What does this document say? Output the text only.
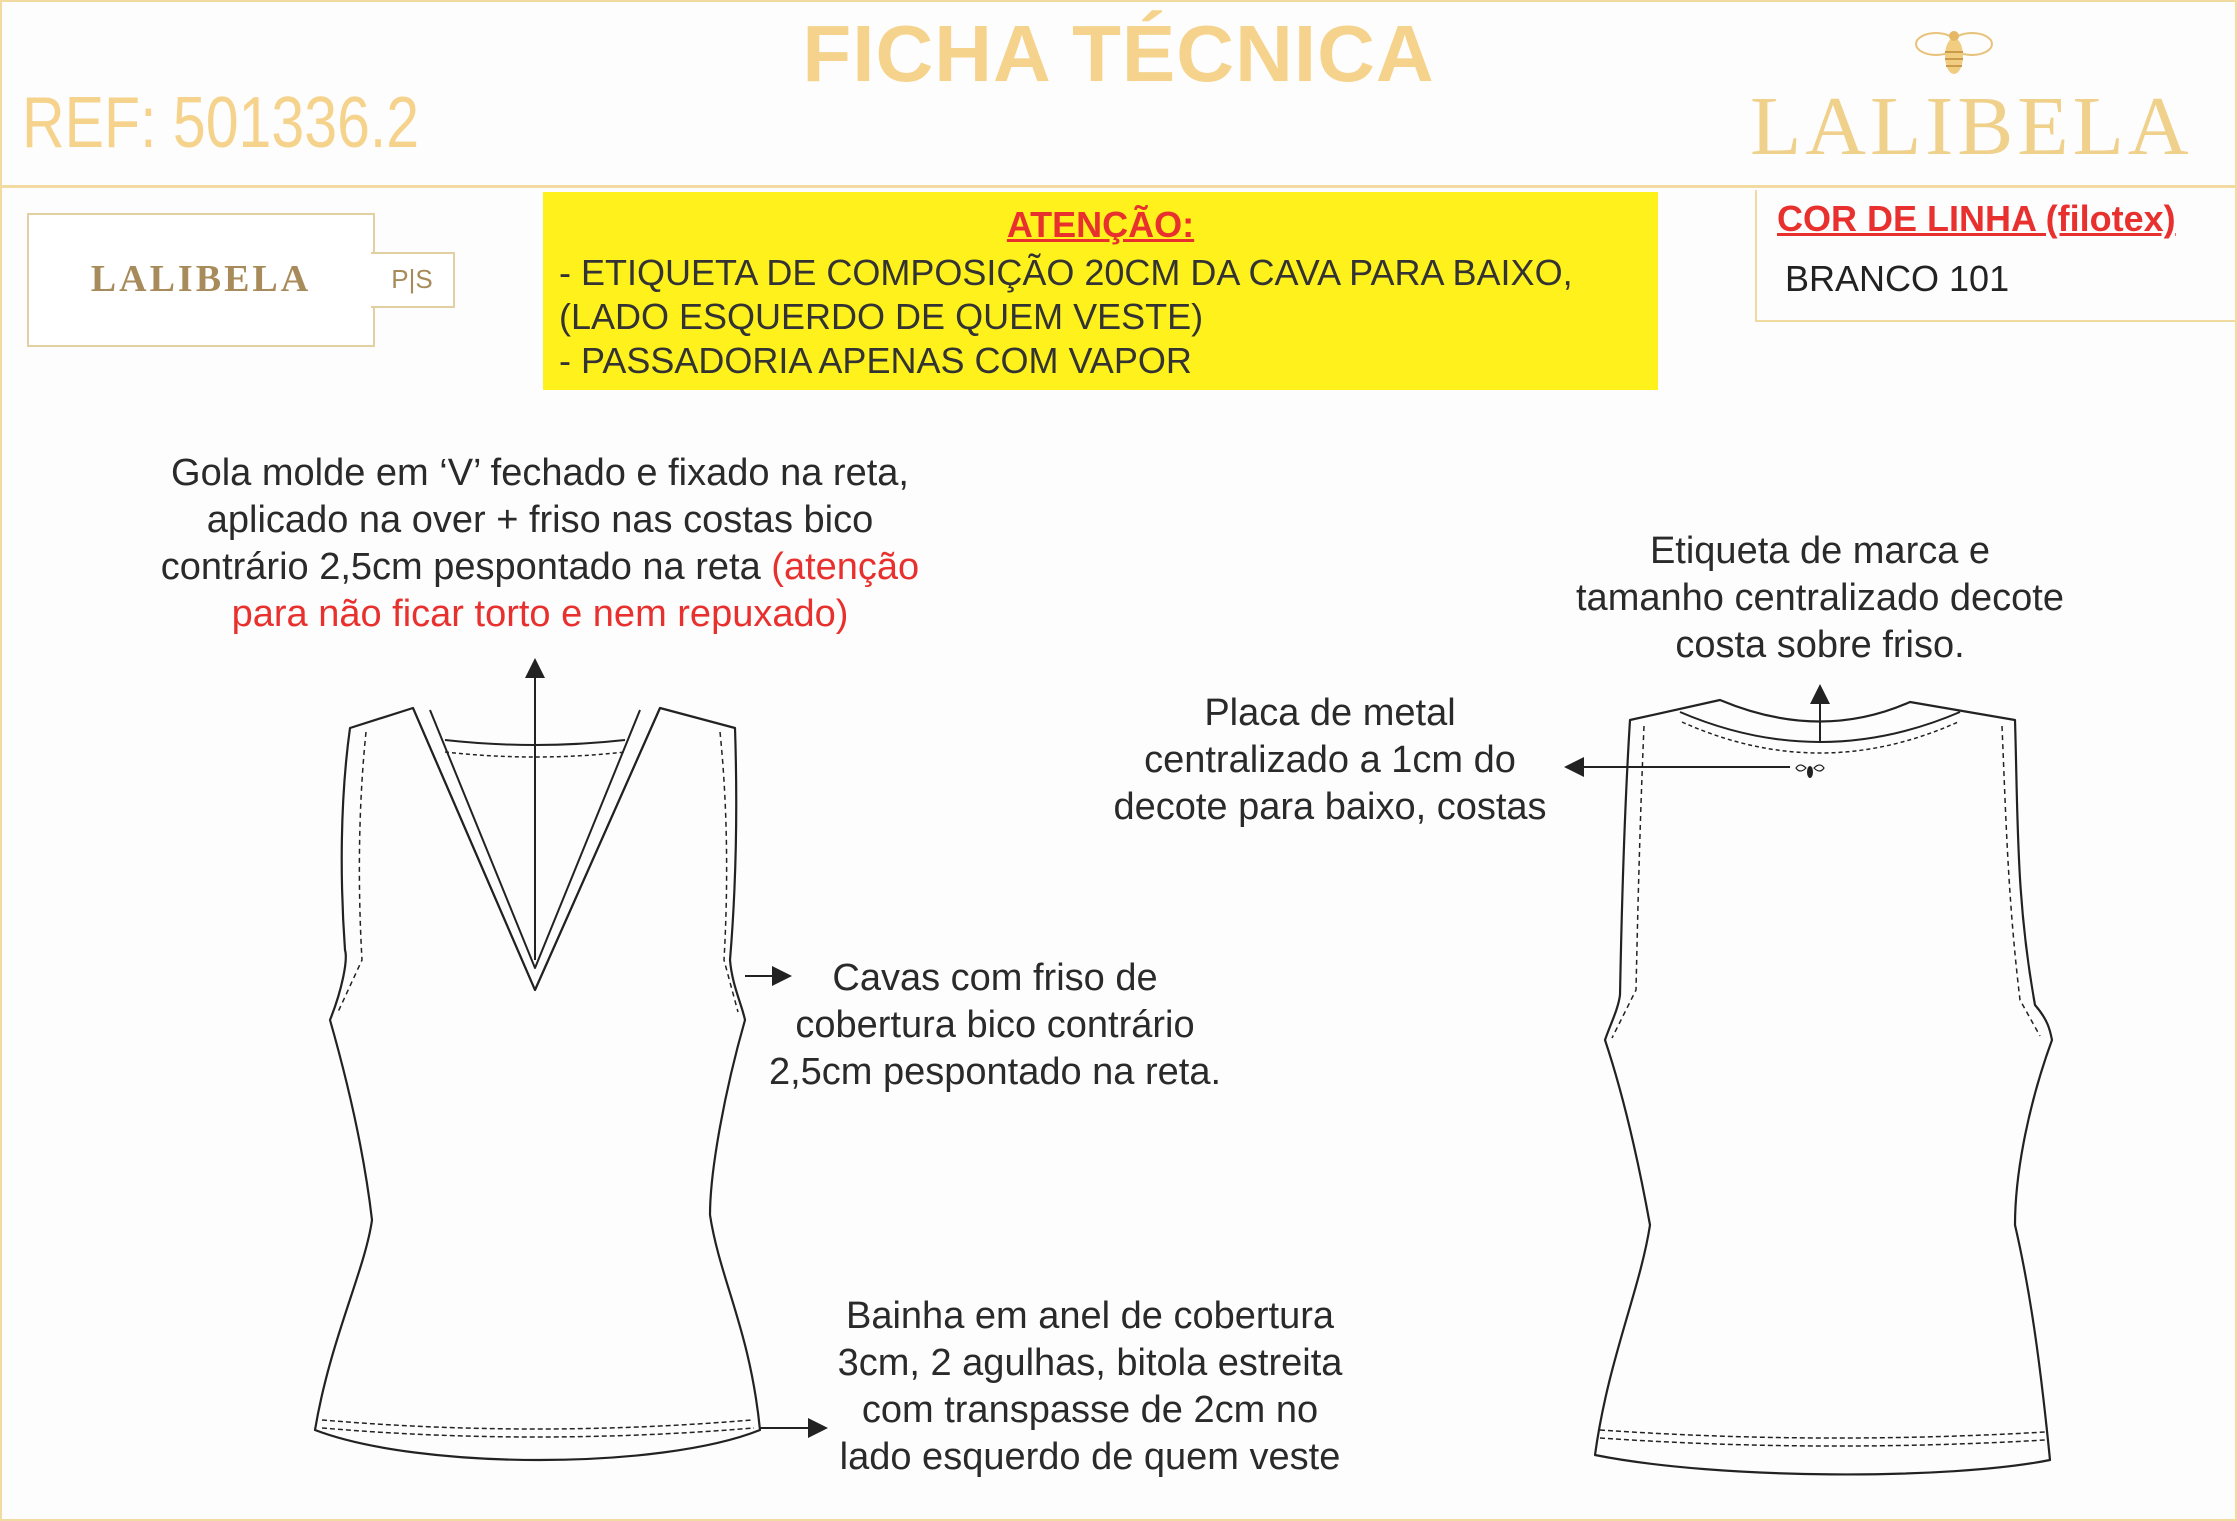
FICHA TÉCNICA
REF: 501336.2	LALIBELA
LALIBELA	P|S
ATENÇÃO:
- ETIQUETA DE COMPOSIÇÃO 20CM DA CAVA PARA BAIXO,
(LADO ESQUERDO DE QUEM VESTE)
- PASSADORIA APENAS COM VAPOR
COR DE LINHA (filotex)
BRANCO 101
Gola molde em ‘V’ fechado e fixado na reta,
aplicado na over + friso nas costas bico
contrário 2,5cm pespontado na reta (atenção
para não ficar torto e nem repuxado)
Cavas com friso de
cobertura bico contrário
2,5cm pespontado na reta.
Bainha em anel de cobertura
3cm, 2 agulhas, bitola estreita
com transpasse de 2cm no
lado esquerdo de quem veste
Etiqueta de marca e
tamanho centralizado decote
costa sobre friso.
Placa de metal
centralizado a 1cm do
decote para baixo, costas
